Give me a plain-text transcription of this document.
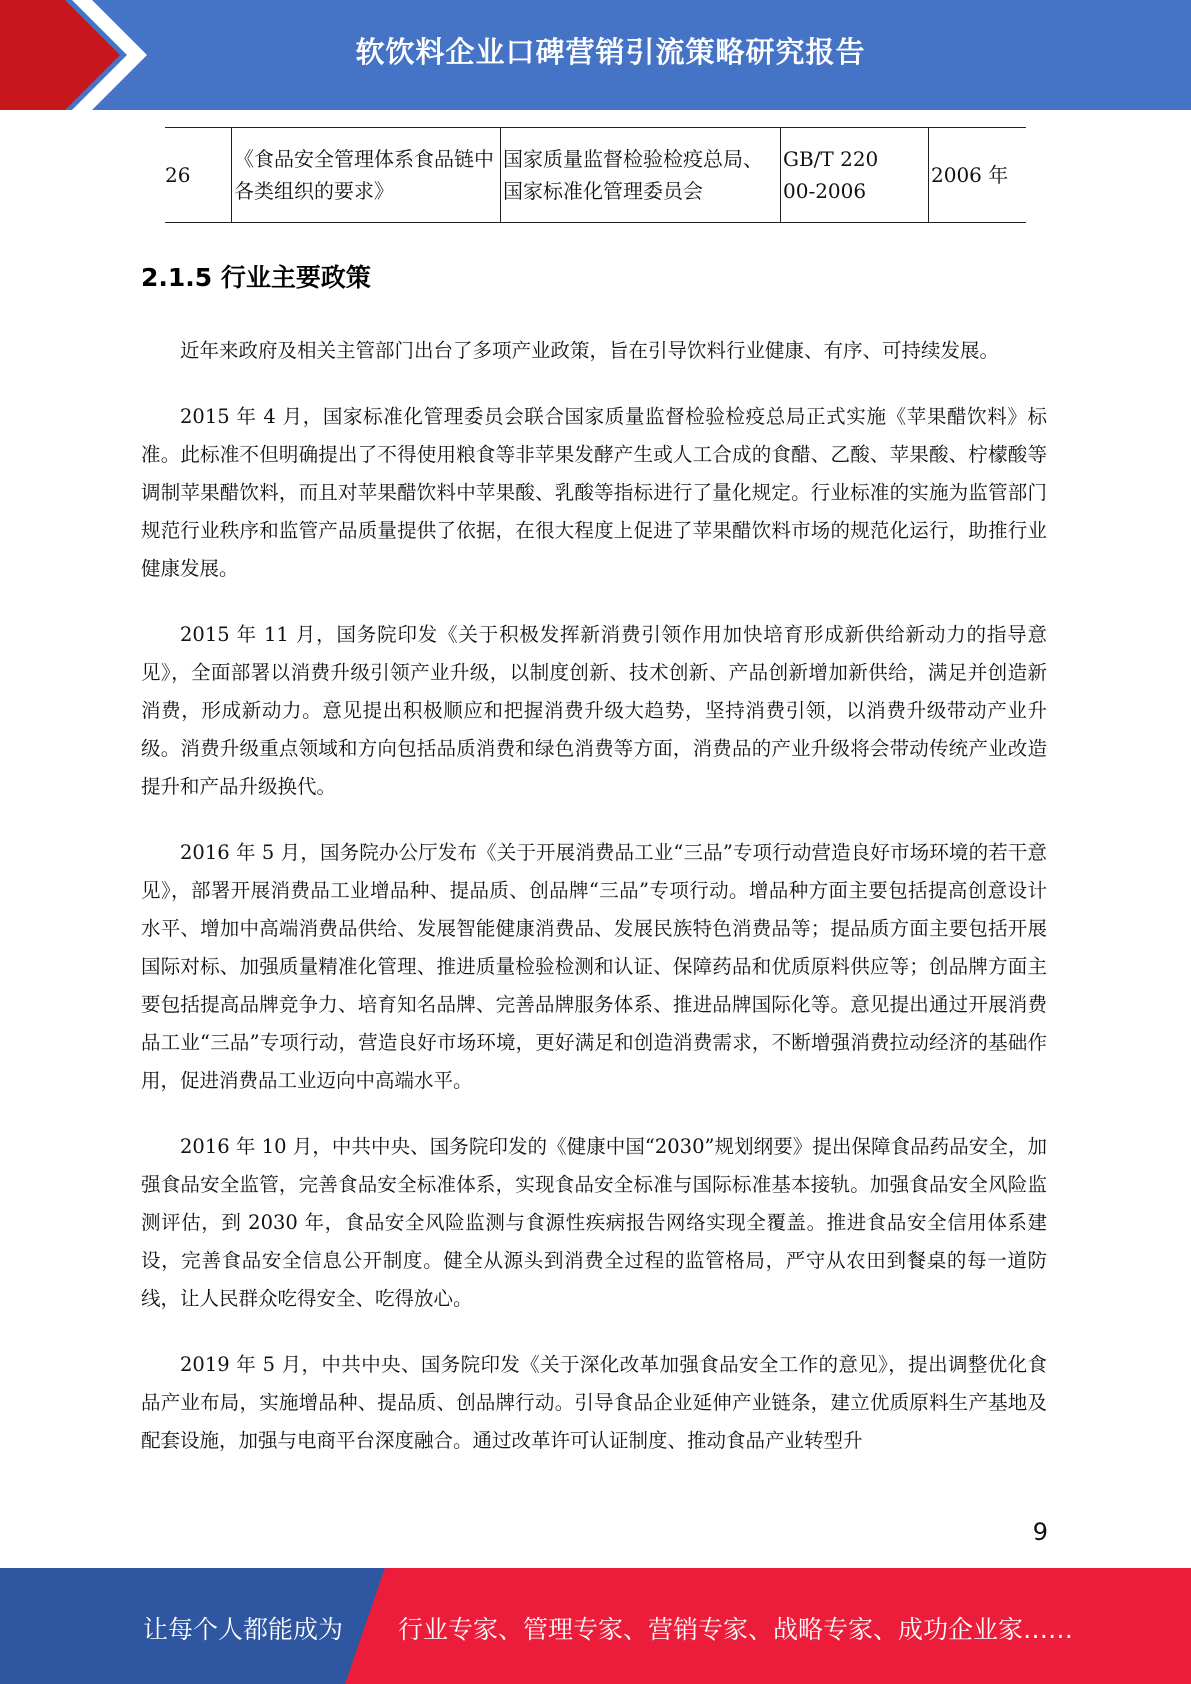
软饮料企业口碑营销引流策略研究报告
26	《食品安全管理体系食品链中各类组织的要求》	国家质量监督检验检疫总局、国家标准化管理委员会	GB/T 22000-2006	2006 年
2.1.5 行业主要政策

近年来政府及相关主管部门出台了多项产业政策，旨在引导饮料行业健康、有序、可持续发展。

2015 年 4 月，国家标准化管理委员会联合国家质量监督检验检疫总局正式实施《苹果醋饮料》标准。此标准不但明确提出了不得使用粮食等非苹果发酵产生或人工合成的食醋、乙酸、苹果酸、柠檬酸等调制苹果醋饮料，而且对苹果醋饮料中苹果酸、乳酸等指标进行了量化规定。行业标准的实施为监管部门规范行业秩序和监管产品质量提供了依据，在很大程度上促进了苹果醋饮料市场的规范化运行，助推行业健康发展。

2015 年 11 月，国务院印发《关于积极发挥新消费引领作用加快培育形成新供给新动力的指导意见》，全面部署以消费升级引领产业升级，以制度创新、技术创新、产品创新增加新供给，满足并创造新消费，形成新动力。意见提出积极顺应和把握消费升级大趋势，坚持消费引领，以消费升级带动产业升级。消费升级重点领域和方向包括品质消费和绿色消费等方面，消费品的产业升级将会带动传统产业改造提升和产品升级换代。

2016 年 5 月，国务院办公厅发布《关于开展消费品工业“三品”专项行动营造良好市场环境的若干意见》，部署开展消费品工业增品种、提品质、创品牌“三品”专项行动。增品种方面主要包括提高创意设计水平、增加中高端消费品供给、发展智能健康消费品、发展民族特色消费品等；提品质方面主要包括开展国际对标、加强质量精准化管理、推进质量检验检测和认证、保障药品和优质原料供应等；创品牌方面主要包括提高品牌竞争力、培育知名品牌、完善品牌服务体系、推进品牌国际化等。意见提出通过开展消费品工业“三品”专项行动，营造良好市场环境，更好满足和创造消费需求，不断增强消费拉动经济的基础作用，促进消费品工业迈向中高端水平。

2016 年 10 月，中共中央、国务院印发的《健康中国“2030”规划纲要》提出保障食品药品安全，加强食品安全监管，完善食品安全标准体系，实现食品安全标准与国际标准基本接轨。加强食品安全风险监测评估，到 2030 年，食品安全风险监测与食源性疾病报告网络实现全覆盖。推进食品安全信用体系建设，完善食品安全信息公开制度。健全从源头到消费全过程的监管格局，严守从农田到餐桌的每一道防线，让人民群众吃得安全、吃得放心。

2019 年 5 月，中共中央、国务院印发《关于深化改革加强食品安全工作的意见》，提出调整优化食品产业布局，实施增品种、提品质、创品牌行动。引导食品企业延伸产业链条，建立优质原料生产基地及配套设施，加强与电商平台深度融合。通过改革许可认证制度、推动食品产业转型升

9
让每个人都能成为 行业专家、管理专家、营销专家、战略专家、成功企业家……
